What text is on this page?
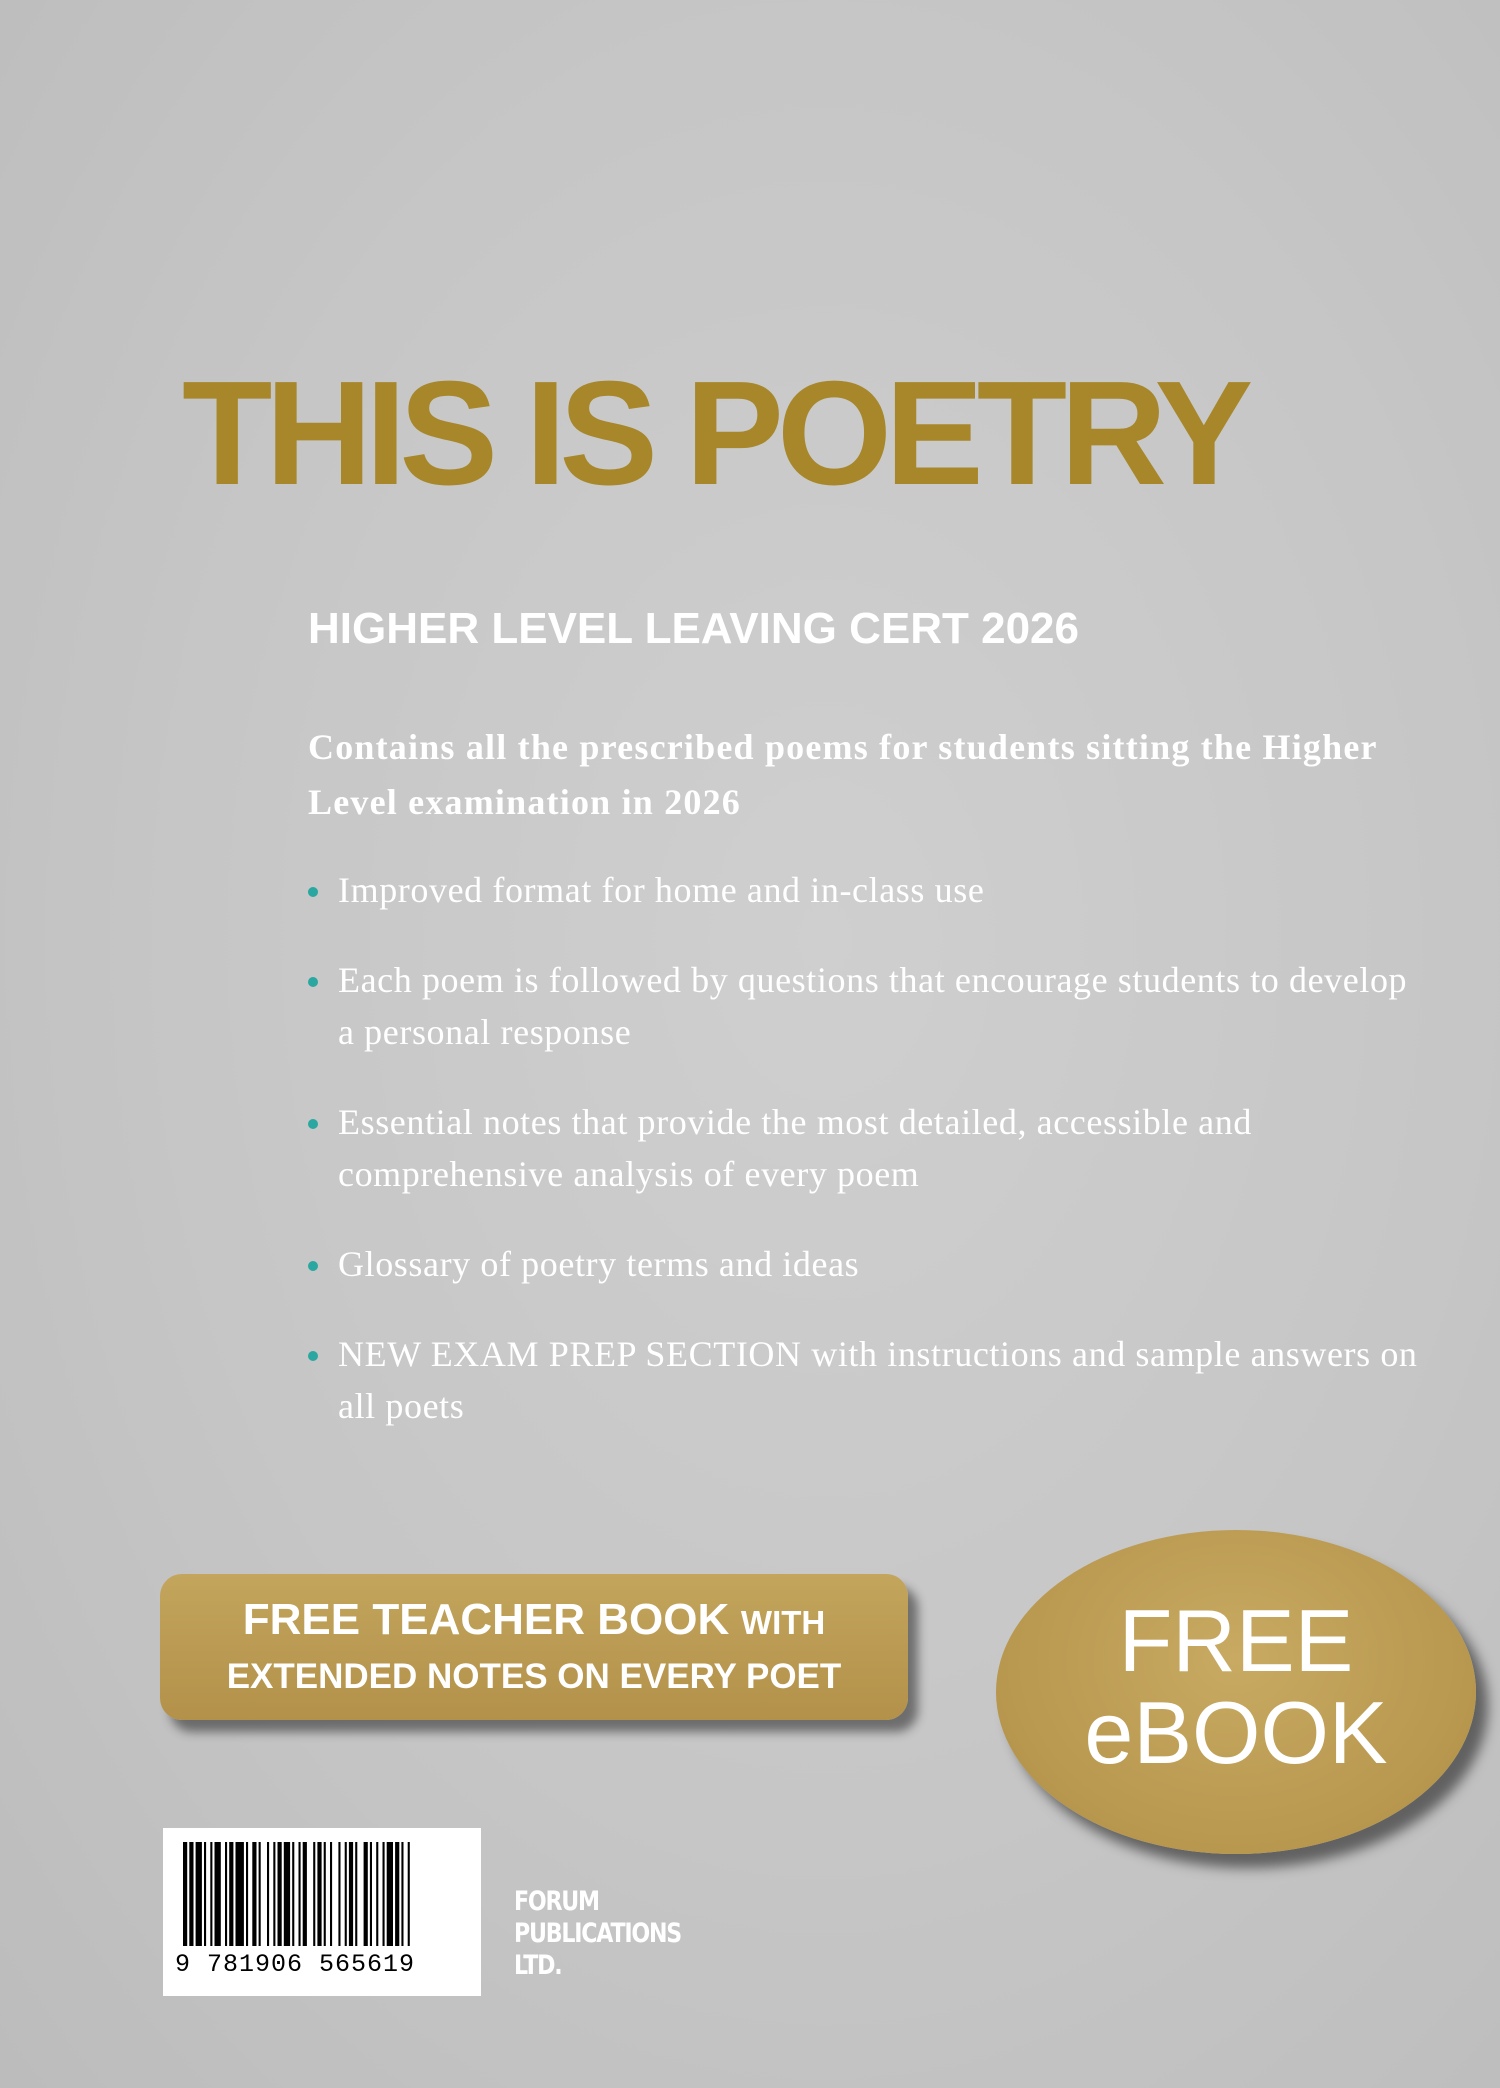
THIS IS POETRY
HIGHER LEVEL LEAVING CERT 2026
Contains all the prescribed poems for students sitting the Higher Level examination in 2026
Improved format for home and in-class use
Each poem is followed by questions that encourage students to develop a personal response
Essential notes that provide the most detailed, accessible and comprehensive analysis of every poem
Glossary of poetry terms and ideas
NEW EXAM PREP SECTION with instructions and sample answers on all poets
FREE TEACHER BOOK WITH
EXTENDED NOTES ON EVERY POET	FREE
eBOOK
9 781906 565619
FORUM
PUBLICATIONS
LTD.
